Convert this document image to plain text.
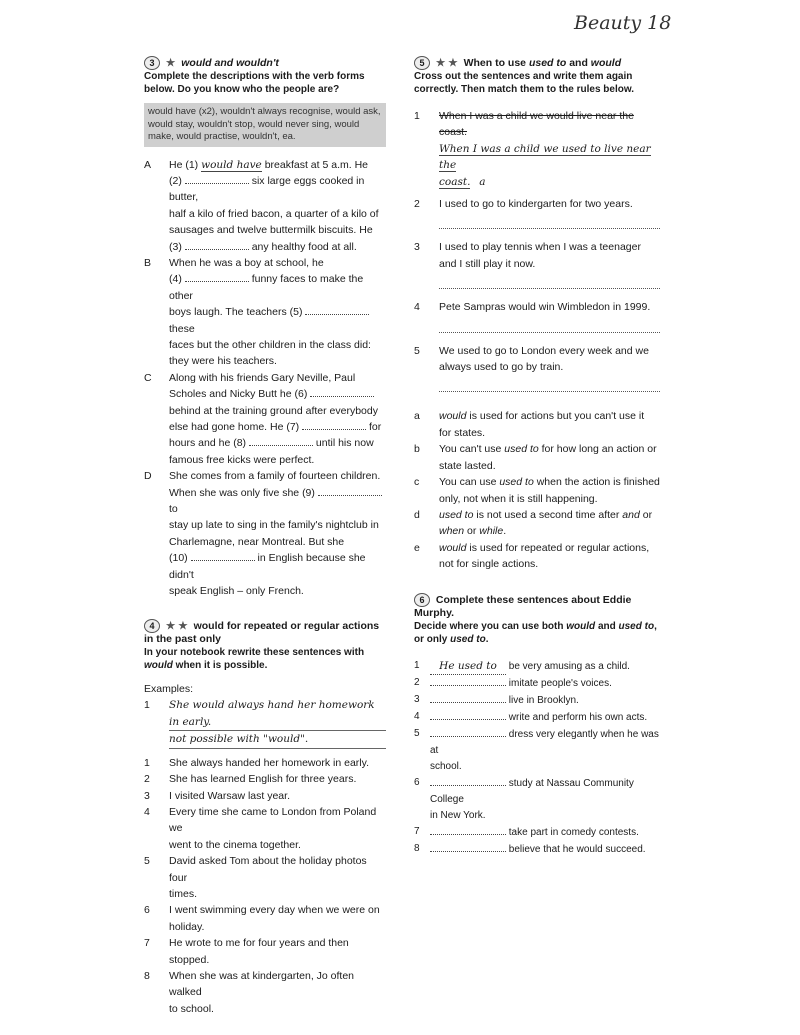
Beauty 18
3 ★ would and wouldn't
Complete the descriptions with the verb forms below. Do you know who the people are?
would have (x2), wouldn't always recognise, would ask, would stay, wouldn't stop, would never sing, would make, would practise, wouldn't, ea.
A	He (1) would have breakfast at 5 a.m. He
(2)	six large eggs cooked in butter,
half a kilo of fried bacon, a quarter of a kilo of
sausages and twelve buttermilk biscuits. He
(3)	any healthy food at all.
B	When he was a boy at school, he
(4)	funny faces to make the other
boys laugh. The teachers (5)  these
faces but the other children in the class did:
they were his teachers.
C	Along with his friends Gary Neville, Paul
Scholes and Nicky Butt he (6)
behind at the training ground after everybody
else had gone home. He (7)	for
hours and he (8)	until his now
famous free kicks were perfect.
D	She comes from a family of fourteen children.
When she was only five she (9)  to
stay up late to sing in the family's nightclub in
Charlemagne, near Montreal. But she
(10)	in English because she didn't
speak English – only French.
4 ★ ★ would for repeated or regular actions in the past only
In your notebook rewrite these sentences with would when it is possible.
Examples:
1	She would always hand her homework in early.
not possible with "would".
1	She always handed her homework in early.
2	She has learned English for three years.
3	I visited Warsaw last year.
4	Every time she came to London from Poland we
went to the cinema together.
5	David asked Tom about the holiday photos four
times.
6	I went swimming every day when we were on
holiday.
7	He wrote to me for four years and then stopped.
8	When she was at kindergarten, Jo often walked
to school.
5 ★ ★ When to use used to and would
Cross out the sentences and write them again correctly. Then match them to the rules below.
1	When I was a child we would live near the
coast.
When I was a child we used to live near the
coast. a
2	I used to go to kindergarten for two years.
3	I used to play tennis when I was a teenager
and I still play it now.
4	Pete Sampras would win Wimbledon in 1999.
5	We used to go to London every week and we
always used to go by train.
a	would is used for actions but you can't use it
for states.
b	You can't use used to for how long an action or
state lasted.
c	You can use used to when the action is finished
only, not when it is still happening.
d	used to is not used a second time after and or
when or while.
e	would is used for repeated or regular actions,
not for single actions.
6 Complete these sentences about Eddie Murphy.
Decide where you can use both would and used to, or only used to.
1	He used to be very amusing as a child.
2	imitate people's voices.
3	live in Brooklyn.
4	write and perform his own acts.
5	dress very elegantly when he was at
school.
6	study at Nassau Community College
in New York.
7	take part in comedy contests.
8	believe that he would succeed.
